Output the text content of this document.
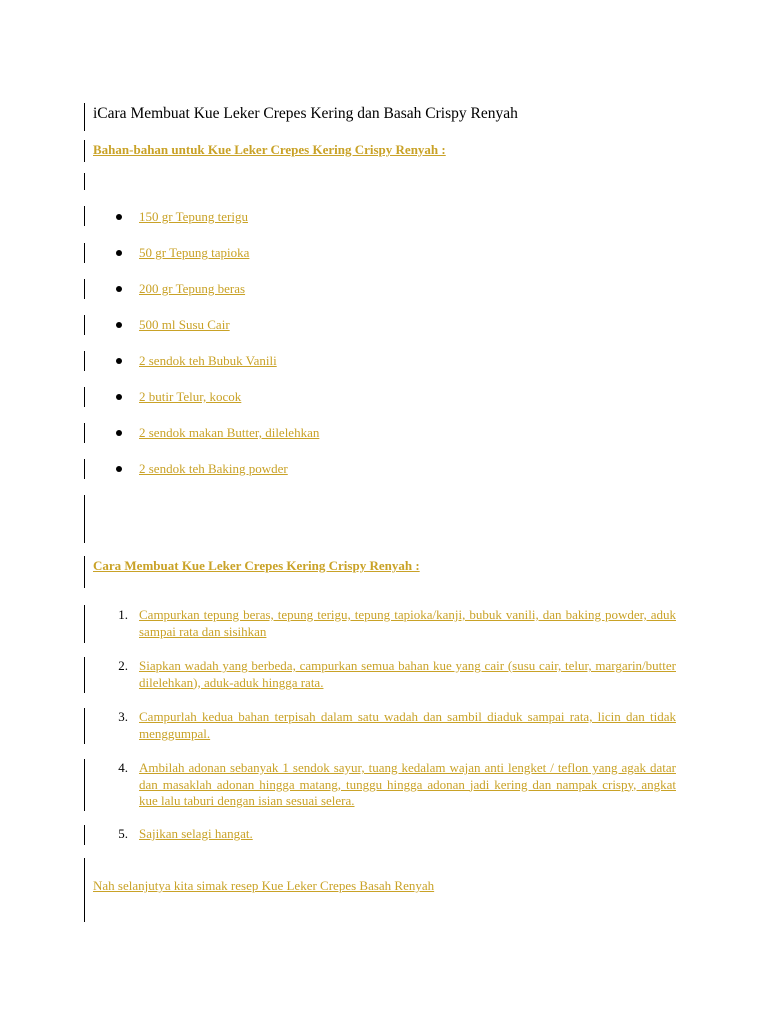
iCara Membuat Kue Leker Crepes Kering dan Basah Crispy Renyah
Bahan-bahan untuk Kue Leker Crepes Kering Crispy Renyah :
150 gr Tepung terigu
50 gr Tepung tapioka
200 gr Tepung beras
500 ml Susu Cair
2 sendok teh Bubuk Vanili
2 butir Telur, kocok
2 sendok makan Butter, dilelehkan
2 sendok teh Baking powder
Cara Membuat Kue Leker Crepes Kering Crispy Renyah :
1. Campurkan tepung beras, tepung terigu, tepung tapioka/kanji, bubuk vanili, dan baking powder, aduk sampai rata dan sisihkan
2. Siapkan wadah yang berbeda, campurkan semua bahan kue yang cair (susu cair, telur, margarin/butter dilelehkan), aduk-aduk hingga rata.
3. Campurlah kedua bahan terpisah dalam satu wadah dan sambil diaduk sampai rata, licin dan tidak menggumpal.
4. Ambilah adonan sebanyak 1 sendok sayur, tuang kedalam wajan anti lengket / teflon yang agak datar dan masaklah adonan hingga matang, tunggu hingga adonan jadi kering dan nampak crispy, angkat kue lalu taburi dengan isian sesuai selera.
5. Sajikan selagi hangat.
Nah selanjutya kita simak resep Kue Leker Crepes Basah Renyah
